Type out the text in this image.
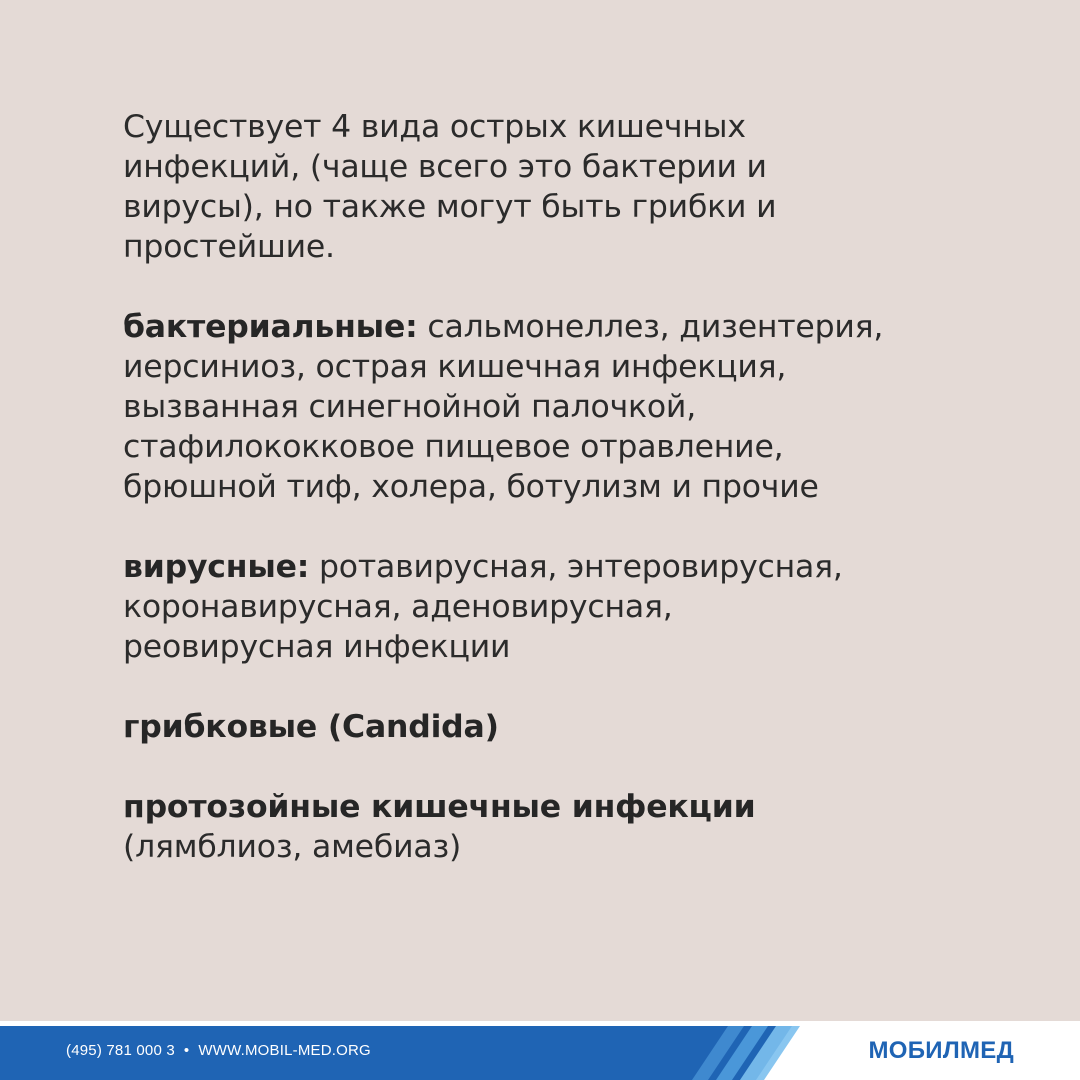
Существует 4 вида острых кишечных
инфекций, (чаще всего это бактерии и
вирусы), но также могут быть грибки и
простейшие.

бактериальные: сальмонеллез, дизентерия,
иерсиниоз, острая кишечная инфекция,
вызванная синегнойной палочкой,
стафилококковое пищевое отравление,
брюшной тиф, холера, ботулизм и прочие

вирусные: ротавирусная, энтеровирусная,
коронавирусная, аденовирусная,
реовирусная инфекции

грибковые (Candida)

протозойные кишечные инфекции
(лямблиоз, амебиаз)

(495) 781 000 3 • WWW.MOBIL-MED.ORG	МОБИЛМЕД
